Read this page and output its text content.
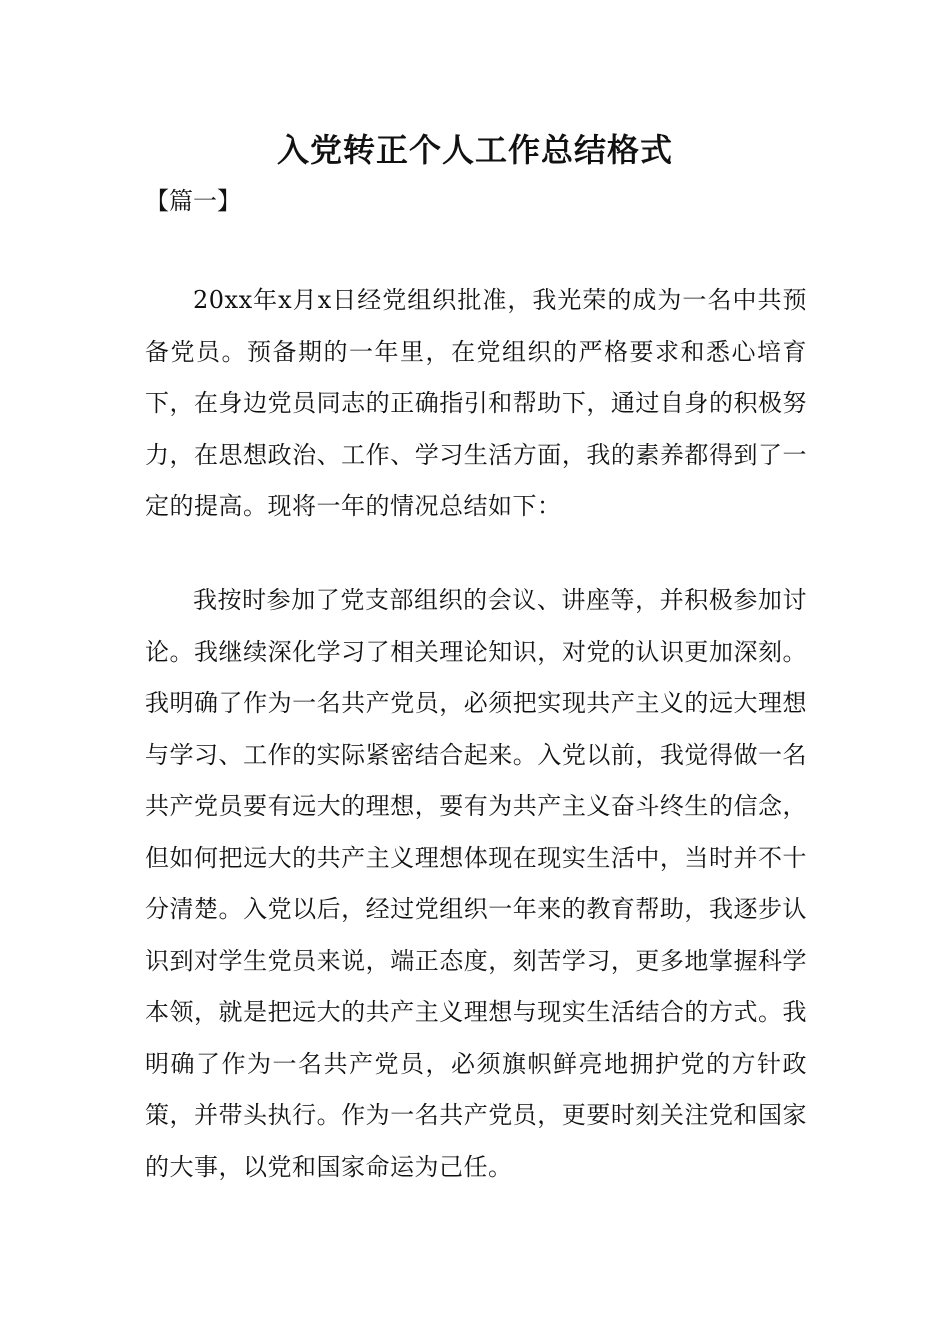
入党转正个人工作总结格式

【篇一】

20xx年x月x日经党组织批准，我光荣的成为一名中共预备党员。预备期的一年里，在党组织的严格要求和悉心培育下，在身边党员同志的正确指引和帮助下，通过自身的积极努力，在思想政治、工作、学习生活方面，我的素养都得到了一定的提高。现将一年的情况总结如下：

我按时参加了党支部组织的会议、讲座等，并积极参加讨论。我继续深化学习了相关理论知识，对党的认识更加深刻。我明确了作为一名共产党员，必须把实现共产主义的远大理想与学习、工作的实际紧密结合起来。入党以前，我觉得做一名共产党员要有远大的理想，要有为共产主义奋斗终生的信念，但如何把远大的共产主义理想体现在现实生活中，当时并不十分清楚。入党以后，经过党组织一年来的教育帮助，我逐步认识到对学生党员来说，端正态度，刻苦学习，更多地掌握科学本领，就是把远大的共产主义理想与现实生活结合的方式。我明确了作为一名共产党员，必须旗帜鲜亮地拥护党的方针政策，并带头执行。作为一名共产党员，更要时刻关注党和国家的大事，以党和国家命运为己任。
